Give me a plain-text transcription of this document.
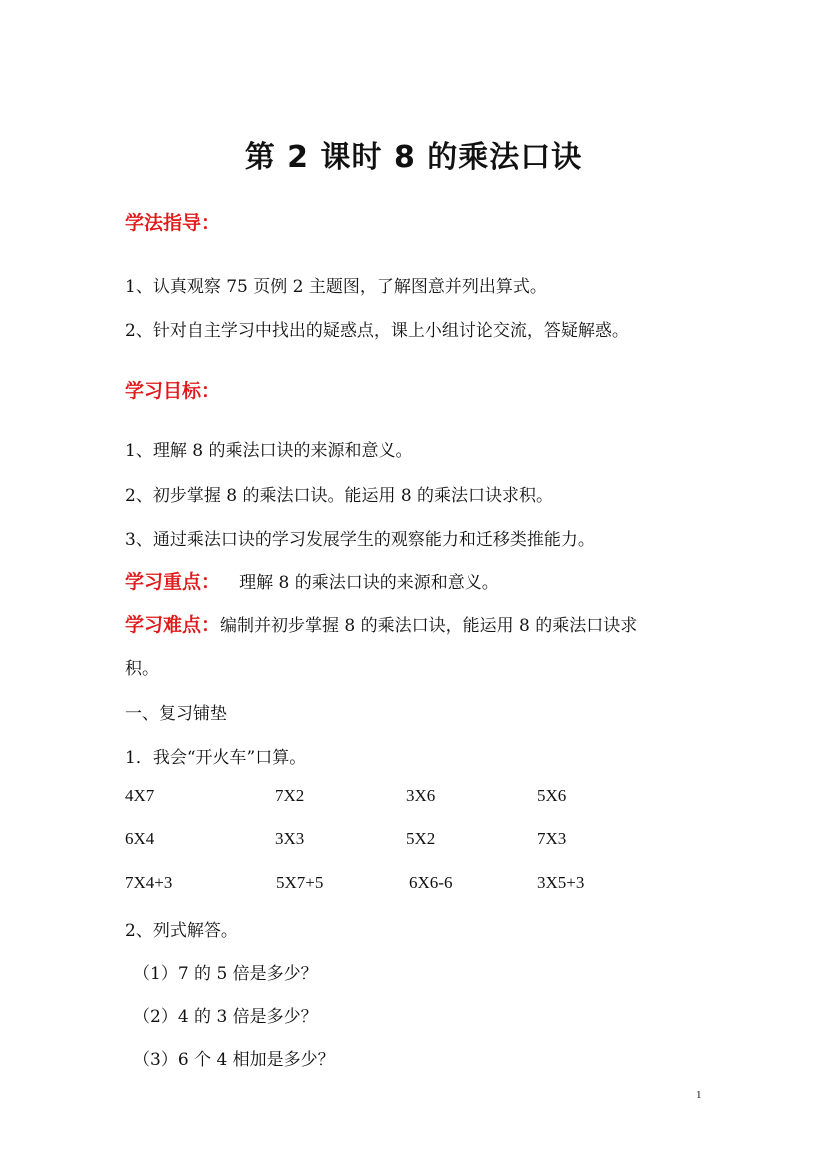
第 2 课时 8 的乘法口诀
学法指导：
1、认真观察 75 页例 2 主题图，了解图意并列出算式。
2、针对自主学习中找出的疑惑点，课上小组讨论交流，答疑解惑。
学习目标：
1、理解 8 的乘法口诀的来源和意义。
2、初步掌握 8 的乘法口诀。能运用 8 的乘法口诀求积。
3、通过乘法口诀的学习发展学生的观察能力和迁移类推能力。
学习重点： 理解 8 的乘法口诀的来源和意义。
学习难点：编制并初步掌握 8 的乘法口诀，能运用 8 的乘法口诀求
积。
一、复习铺垫
1．我会“开火车”口算。
4X7	7X2	3X6	5X6
6X4	3X3	5X2	7X3
7X4+3	5X7+5	6X6-6	3X5+3
2、列式解答。
（1）7 的 5 倍是多少？
（2）4 的 3 倍是多少？
（3）6 个 4 相加是多少？
1
